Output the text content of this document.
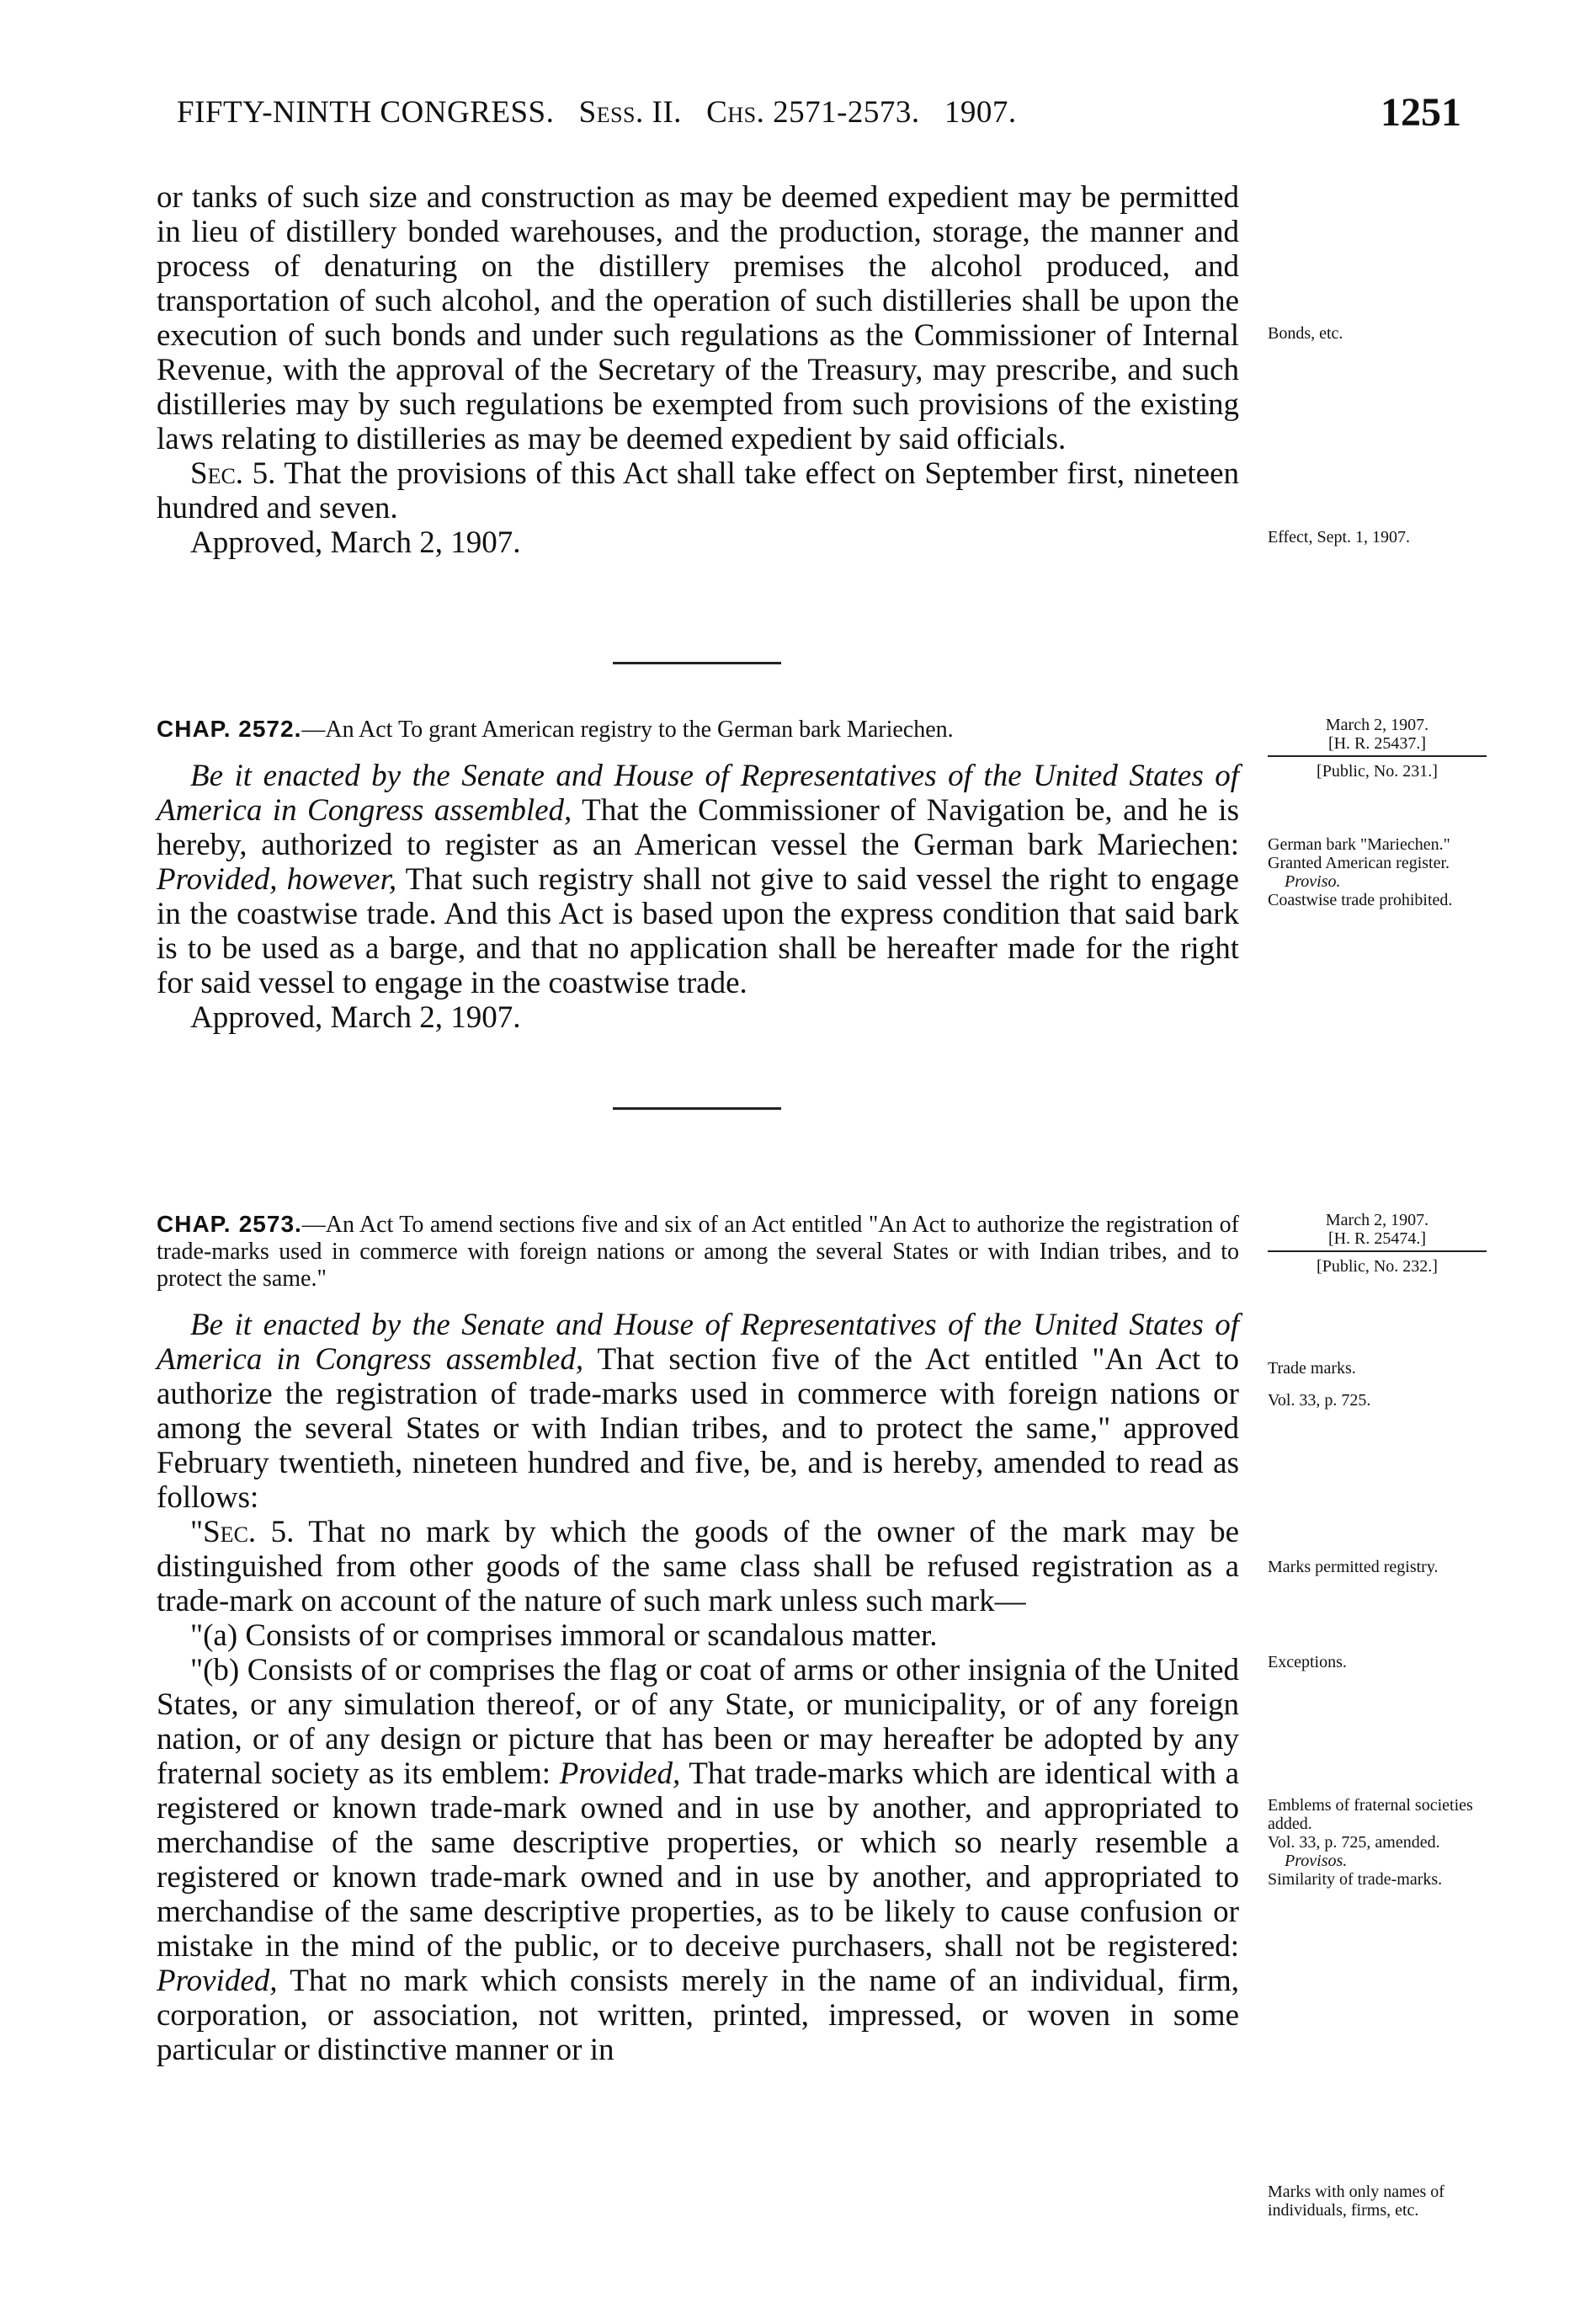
FIFTY-NINTH CONGRESS. Sess. II. Chs. 2571-2573. 1907.	1251

or tanks of such size and construction as may be deemed expedient may be permitted in lieu of distillery bonded warehouses, and the production, storage, the manner and process of denaturing on the distillery premises the alcohol produced, and transportation of such alcohol, and the operation of such distilleries shall be upon the execution of such bonds and under such regulations as the Commissioner of Internal Revenue, with the approval of the Secretary of the Treasury, may prescribe, and such distilleries may by such regulations be exempted from such provisions of the existing laws relating to distilleries as may be deemed expedient by said officials.

Sec. 5. That the provisions of this Act shall take effect on September first, nineteen hundred and seven.

Approved, March 2, 1907.
Bonds, etc.
Effect, Sept. 1, 1907.

CHAP. 2572.—An Act To grant American registry to the German bark Mariechen.

Be it enacted by the Senate and House of Representatives of the United States of America in Congress assembled, That the Commissioner of Navigation be, and he is hereby, authorized to register as an American vessel the German bark Mariechen: Provided, however, That such registry shall not give to said vessel the right to engage in the coastwise trade. And this Act is based upon the express condition that said bark is to be used as a barge, and that no application shall be hereafter made for the right for said vessel to engage in the coastwise trade.

Approved, March 2, 1907.
March 2, 1907.
[H. R. 25437.]
[Public, No. 231.]
German bark "Mariechen."
Granted American register.
Proviso.
Coastwise trade prohibited.

CHAP. 2573.—An Act To amend sections five and six of an Act entitled "An Act to authorize the registration of trade-marks used in commerce with foreign nations or among the several States or with Indian tribes, and to protect the same."

Be it enacted by the Senate and House of Representatives of the United States of America in Congress assembled, That section five of the Act entitled "An Act to authorize the registration of trade-marks used in commerce with foreign nations or among the several States or with Indian tribes, and to protect the same," approved February twentieth, nineteen hundred and five, be, and is hereby, amended to read as follows:

"Sec. 5. That no mark by which the goods of the owner of the mark may be distinguished from other goods of the same class shall be refused registration as a trade-mark on account of the nature of such mark unless such mark—

"(a) Consists of or comprises immoral or scandalous matter.

"(b) Consists of or comprises the flag or coat of arms or other insignia of the United States, or any simulation thereof, or of any State, or municipality, or of any foreign nation, or of any design or picture that has been or may hereafter be adopted by any fraternal society as its emblem: Provided, That trade-marks which are identical with a registered or known trade-mark owned and in use by another, and appropriated to merchandise of the same descriptive properties, or which so nearly resemble a registered or known trade-mark owned and in use by another, and appropriated to merchandise of the same descriptive properties, as to be likely to cause confusion or mistake in the mind of the public, or to deceive purchasers, shall not be registered: Provided, That no mark which consists merely in the name of an individual, firm, corporation, or association, not written, printed, impressed, or woven in some particular or distinctive manner or in

March 2, 1907.
[H. R. 25474.]
[Public, No. 232.]
Trade marks.
Vol. 33, p. 725.
Marks permitted registry.
Exceptions.
Emblems of fraternal societies added.
Vol. 33, p. 725, amended.
Provisos.
Similarity of trade-marks.
Marks with only names of individuals, firms, etc.
